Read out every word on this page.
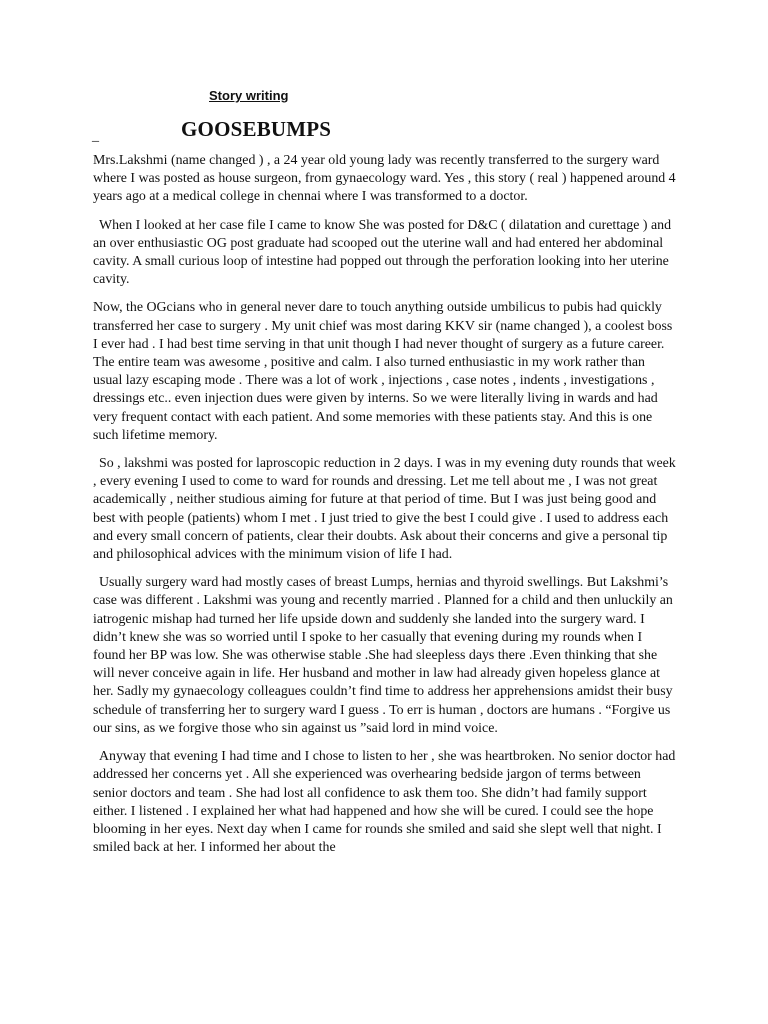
Story writing

_	GOOSEBUMPS

Mrs.Lakshmi (name changed ) , a 24 year old young lady was recently transferred to the surgery ward where I was posted as house surgeon, from gynaecology ward. Yes , this story ( real ) happened around 4 years ago at a medical college in chennai where I was transformed to a doctor.

When I looked at her case file I came to know She was posted for D&C ( dilatation and curettage ) and an over enthusiastic OG post graduate had scooped out the uterine wall and had entered her abdominal cavity. A small curious loop of intestine had popped out through the perforation looking into her uterine cavity.

Now, the OGcians who in general never dare to touch anything outside umbilicus to pubis had quickly transferred her case to surgery . My unit chief was most daring KKV sir (name changed ), a coolest boss I ever had . I had best time serving in that unit though I had never thought of surgery as a future career. The entire team was awesome , positive and calm. I also turned enthusiastic in my work rather than usual lazy escaping mode . There was a lot of work , injections , case notes , indents , investigations , dressings etc.. even injection dues were given by interns. So we were literally living in wards and had very frequent contact with each patient. And some memories with these patients stay. And this is one such lifetime memory.

So , lakshmi was posted for laproscopic reduction in 2 days. I was in my evening duty rounds that week , every evening I used to come to ward for rounds and dressing. Let me tell about me , I was not great academically , neither studious aiming for future at that period of time. But I was just being good and best with people (patients) whom I met . I just tried to give the best I could give . I used to address each and every small concern of patients, clear their doubts. Ask about their concerns and give a personal tip and philosophical advices with the minimum vision of life I had.

Usually surgery ward had mostly cases of breast Lumps, hernias and thyroid swellings. But Lakshmi’s case was different . Lakshmi was young and recently married . Planned for a child and then unluckily an iatrogenic mishap had turned her life upside down and suddenly she landed into the surgery ward. I didn’t knew she was so worried until I spoke to her casually that evening during my rounds when I found her BP was low. She was otherwise stable .She had sleepless days there .Even thinking that she will never conceive again in life. Her husband and mother in law had already given hopeless glance at her. Sadly my gynaecology colleagues couldn’t find time to address her apprehensions amidst their busy schedule of transferring her to surgery ward I guess . To err is human , doctors are humans . “Forgive us our sins, as we forgive those who sin against us ”said lord in mind voice.

Anyway that evening I had time and I chose to listen to her , she was heartbroken. No senior doctor had addressed her concerns yet . All she experienced was overhearing bedside jargon of terms between senior doctors and team . She had lost all confidence to ask them too. She didn’t had family support either. I listened . I explained her what had happened and how she will be cured. I could see the hope blooming in her eyes. Next day when I came for rounds she smiled and said she slept well that night. I smiled back at her. I informed her about the
